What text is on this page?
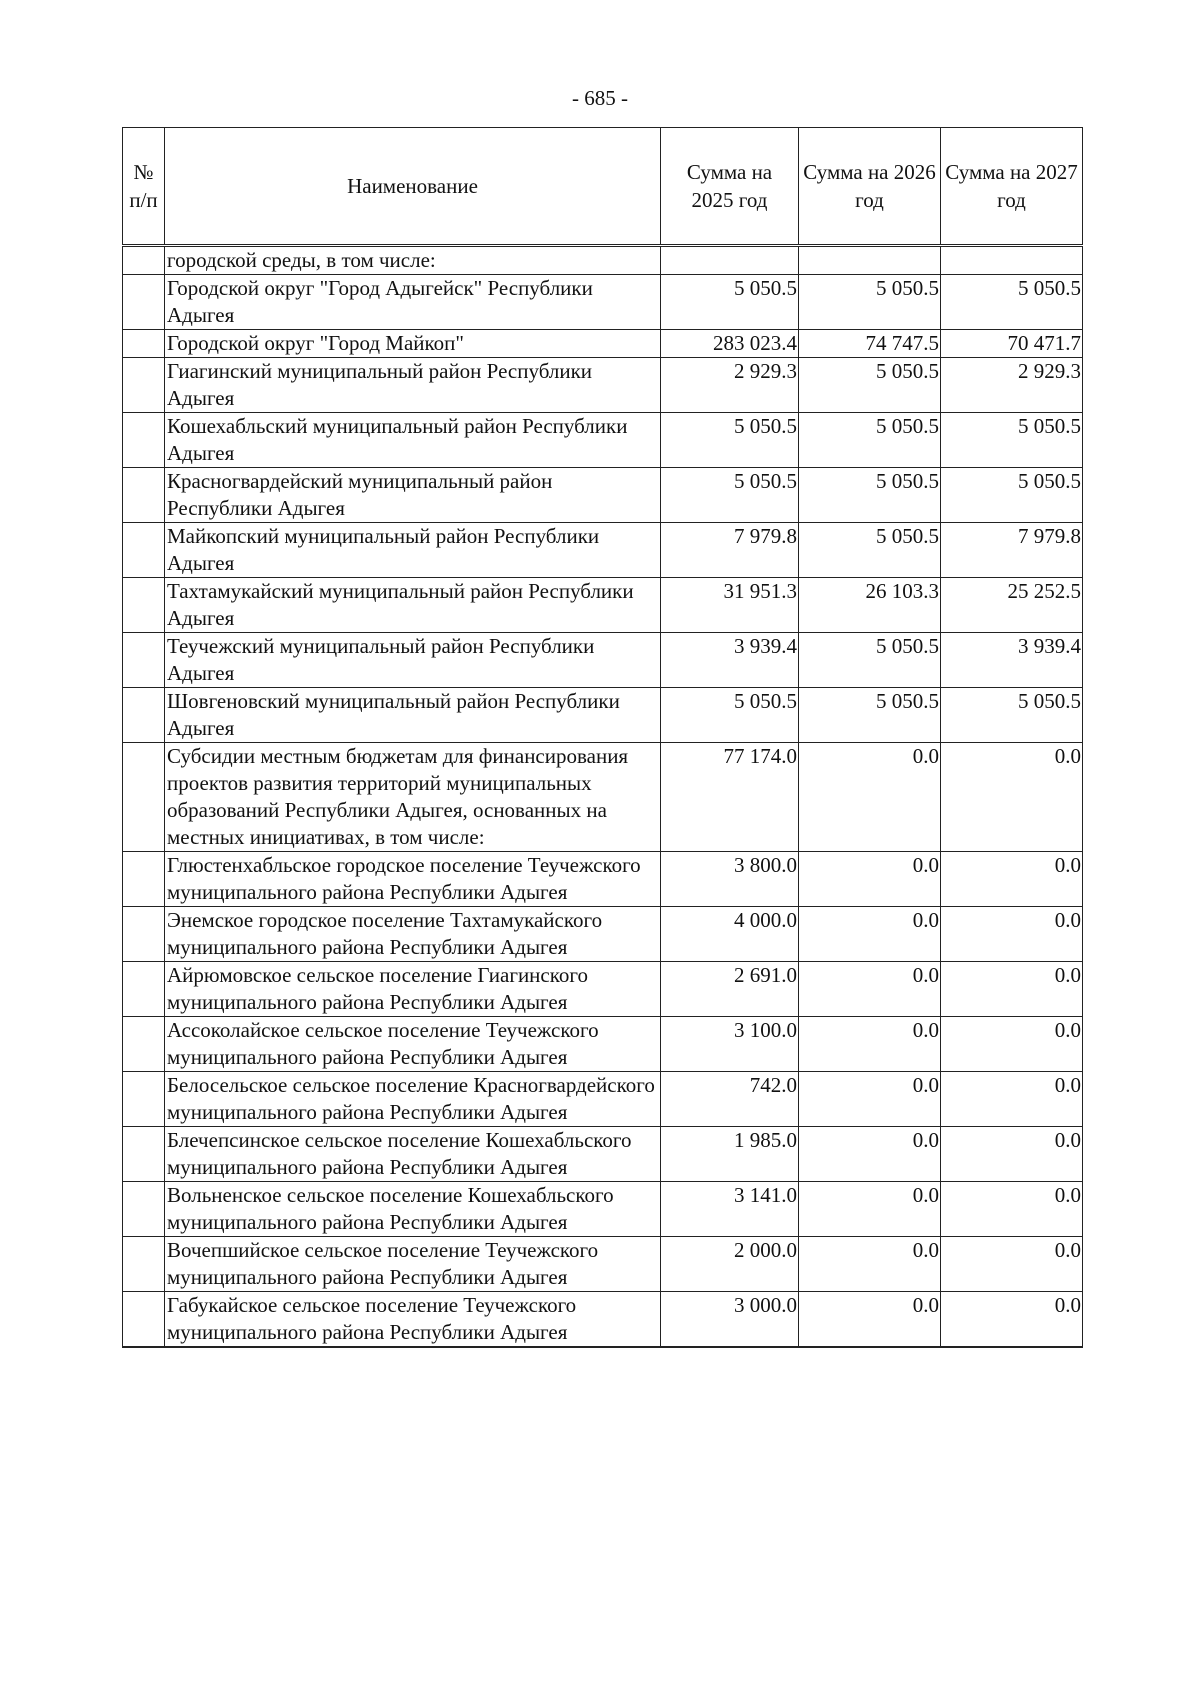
- 685 -
№ п/п	Наименование	Сумма на 2025 год	Сумма на 2026 год	Сумма на 2027 год
	городской среды, в том числе:			
	Городской округ "Город Адыгейск" Республики Адыгея	5 050.5	5 050.5	5 050.5
	Городской округ "Город Майкоп"	283 023.4	74 747.5	70 471.7
	Гиагинский муниципальный район Республики Адыгея	2 929.3	5 050.5	2 929.3
	Кошехабльский муниципальный район Республики Адыгея	5 050.5	5 050.5	5 050.5
	Красногвардейский муниципальный район Республики Адыгея	5 050.5	5 050.5	5 050.5
	Майкопский муниципальный район Республики Адыгея	7 979.8	5 050.5	7 979.8
	Тахтамукайский муниципальный район Республики Адыгея	31 951.3	26 103.3	25 252.5
	Теучежский муниципальный район Республики Адыгея	3 939.4	5 050.5	3 939.4
	Шовгеновский муниципальный район Республики Адыгея	5 050.5	5 050.5	5 050.5
	Субсидии местным бюджетам для финансирования проектов развития территорий муниципальных образований Республики Адыгея, основанных на местных инициативах, в том числе:	77 174.0	0.0	0.0
	Глюстенхабльское городское поселение Теучежского муниципального района Республики Адыгея	3 800.0	0.0	0.0
	Энемское городское поселение Тахтамукайского муниципального района Республики Адыгея	4 000.0	0.0	0.0
	Айрюмовское сельское поселение Гиагинского муниципального района Республики Адыгея	2 691.0	0.0	0.0
	Ассоколайское сельское поселение Теучежского муниципального района Республики Адыгея	3 100.0	0.0	0.0
	Белосельское сельское поселение Красногвардейского муниципального района Республики Адыгея	742.0	0.0	0.0
	Блечепсинское сельское поселение Кошехабльского муниципального района Республики Адыгея	1 985.0	0.0	0.0
	Вольненское сельское поселение Кошехабльского муниципального района Республики Адыгея	3 141.0	0.0	0.0
	Вочепшийское сельское поселение Теучежского муниципального района Республики Адыгея	2 000.0	0.0	0.0
	Габукайское сельское поселение Теучежского муниципального района Республики Адыгея	3 000.0	0.0	0.0
